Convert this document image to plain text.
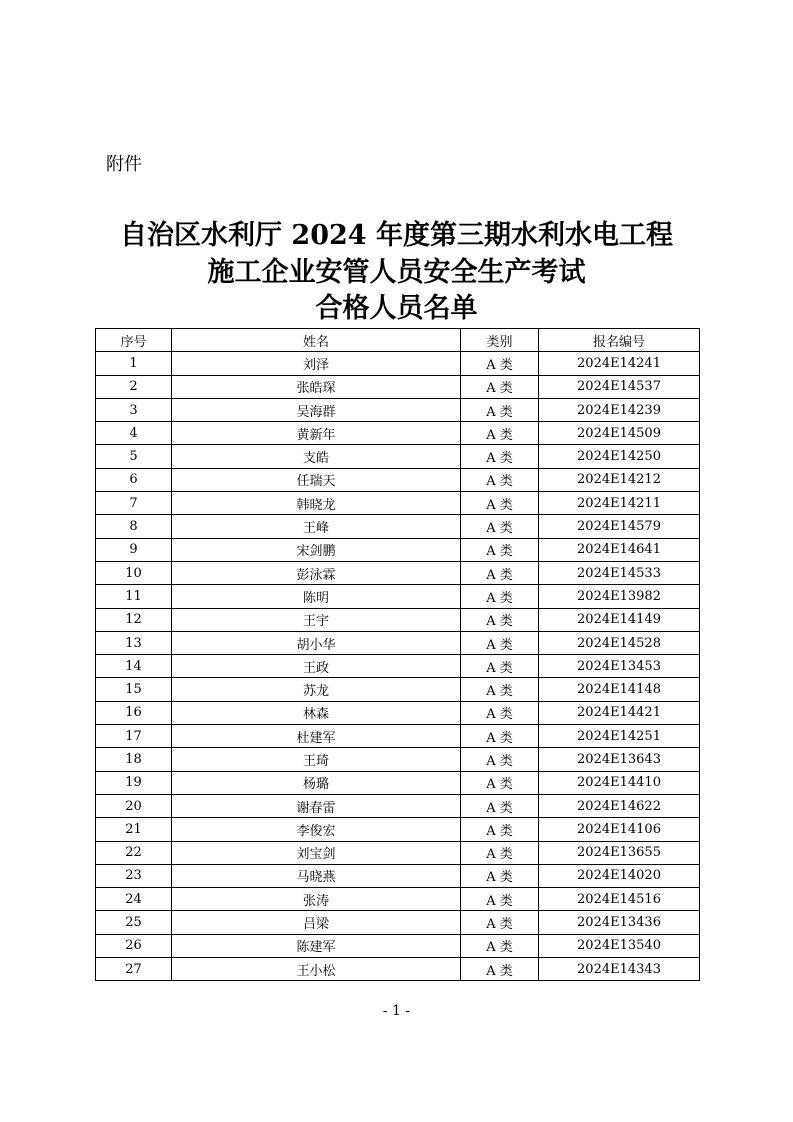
附件
自治区水利厅 2024 年度第三期水利水电工程
施工企业安管人员安全生产考试
合格人员名单
序号	姓名	类别	报名编号
1	刘泽	A 类	2024E14241
2	张皓琛	A 类	2024E14537
3	吴海群	A 类	2024E14239
4	黄新年	A 类	2024E14509
5	支皓	A 类	2024E14250
6	任瑞天	A 类	2024E14212
7	韩晓龙	A 类	2024E14211
8	王峰	A 类	2024E14579
9	宋剑鹏	A 类	2024E14641
10	彭泳霖	A 类	2024E14533
11	陈明	A 类	2024E13982
12	王宇	A 类	2024E14149
13	胡小华	A 类	2024E14528
14	王政	A 类	2024E13453
15	苏龙	A 类	2024E14148
16	林森	A 类	2024E14421
17	杜建军	A 类	2024E14251
18	王琦	A 类	2024E13643
19	杨璐	A 类	2024E14410
20	谢春雷	A 类	2024E14622
21	李俊宏	A 类	2024E14106
22	刘宝剑	A 类	2024E13655
23	马晓燕	A 类	2024E14020
24	张涛	A 类	2024E14516
25	吕梁	A 类	2024E13436
26	陈建军	A 类	2024E13540
27	王小松	A 类	2024E14343
- 1 -
